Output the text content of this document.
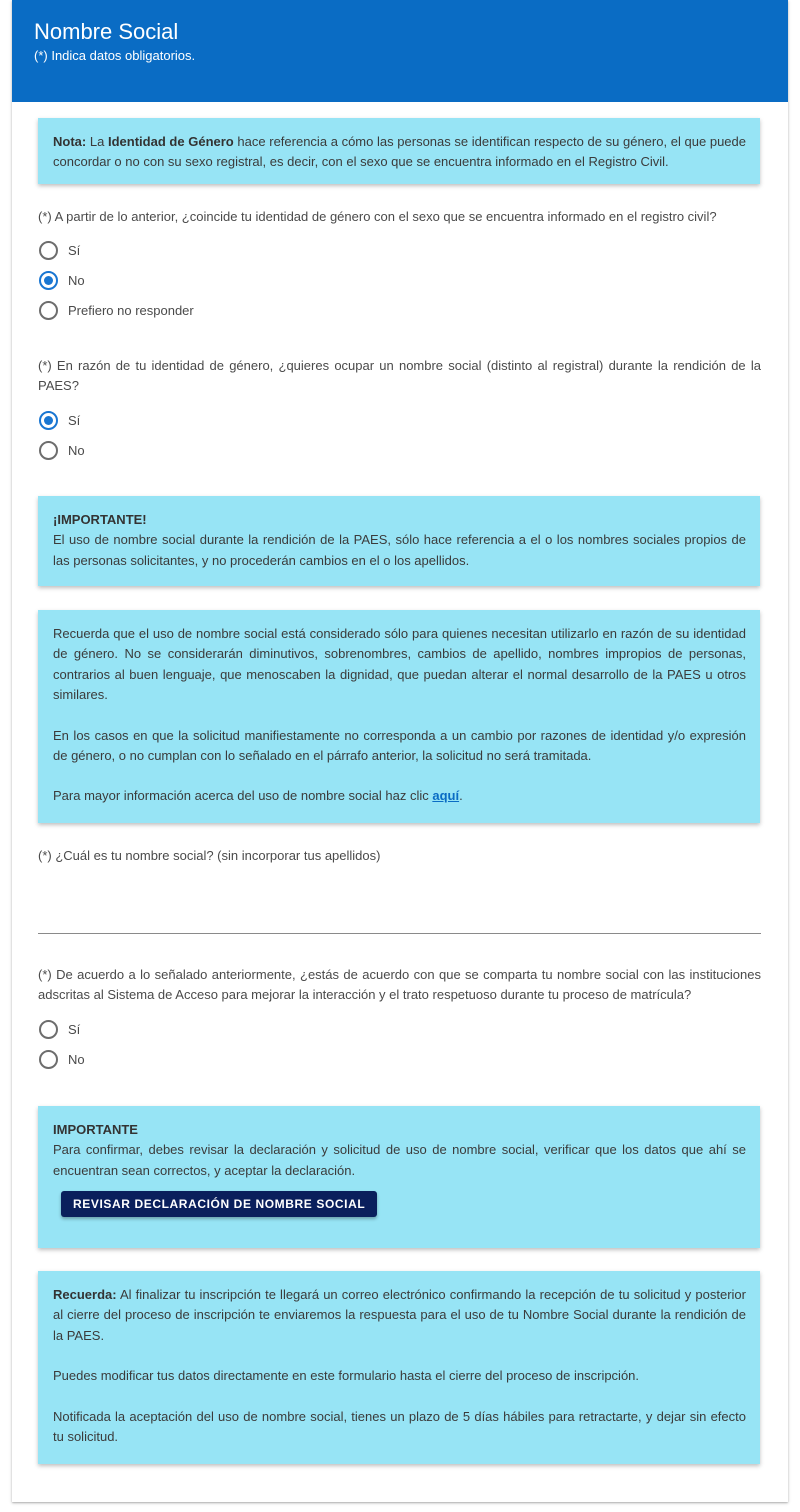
Nombre Social
(*) Indica datos obligatorios.

Nota: La Identidad de Género hace referencia a cómo las personas se identifican respecto de su género, el que puede concordar o no con su sexo registral, es decir, con el sexo que se encuentra informado en el Registro Civil.

(*) A partir de lo anterior, ¿coincide tu identidad de género con el sexo que se encuentra informado en el registro civil?
Sí
No
Prefiero no responder
(*) En razón de tu identidad de género, ¿quieres ocupar un nombre social (distinto al registral) durante la rendición de la PAES?
Sí
No

¡IMPORTANTE!

El uso de nombre social durante la rendición de la PAES, sólo hace referencia a el o los nombres sociales propios de las personas solicitantes, y no procederán cambios en el o los apellidos.

Recuerda que el uso de nombre social está considerado sólo para quienes necesitan utilizarlo en razón de su identidad de género. No se considerarán diminutivos, sobrenombres, cambios de apellido, nombres impropios de personas, contrarios al buen lenguaje, que menoscaben la dignidad, que puedan alterar el normal desarrollo de la PAES u otros similares.

En los casos en que la solicitud manifiestamente no corresponda a un cambio por razones de identidad y/o expresión de género, o no cumplan con lo señalado en el párrafo anterior, la solicitud no será tramitada.

Para mayor información acerca del uso de nombre social haz clic aquí.

(*) ¿Cuál es tu nombre social? (sin incorporar tus apellidos)
(*) De acuerdo a lo señalado anteriormente, ¿estás de acuerdo con que se comparta tu nombre social con las instituciones adscritas al Sistema de Acceso para mejorar la interacción y el trato respetuoso durante tu proceso de matrícula?
Sí
No

IMPORTANTE

Para confirmar, debes revisar la declaración y solicitud de uso de nombre social, verificar que los datos que ahí se encuentran sean correctos, y aceptar la declaración.

REVISAR DECLARACIÓN DE NOMBRE SOCIAL

Recuerda: Al finalizar tu inscripción te llegará un correo electrónico confirmando la recepción de tu solicitud y posterior al cierre del proceso de inscripción te enviaremos la respuesta para el uso de tu Nombre Social durante la rendición de la PAES.

Puedes modificar tus datos directamente en este formulario hasta el cierre del proceso de inscripción.

Notificada la aceptación del uso de nombre social, tienes un plazo de 5 días hábiles para retractarte, y dejar sin efecto tu solicitud.
